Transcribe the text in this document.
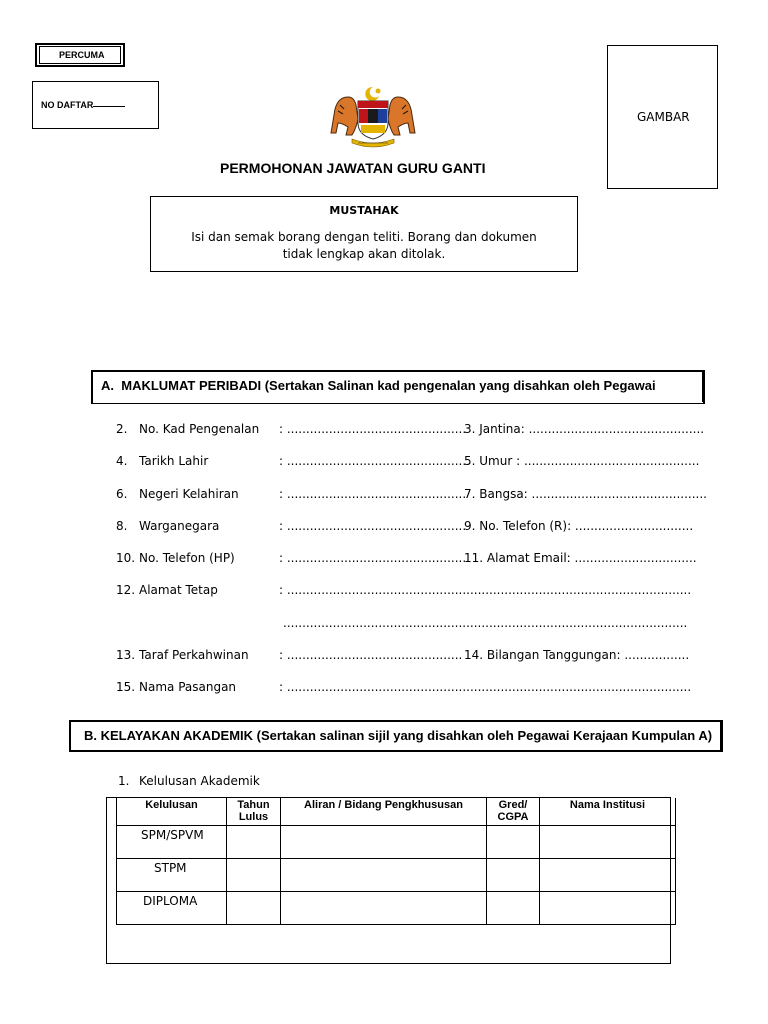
PERCUMA
NO DAFTAR
GAMBAR
PERMOHONAN JAWATAN GURU GANTI
MUSTAHAK
Isi dan semak borang dengan teliti. Borang dan dokumen
tidak lengkap akan ditolak.
A. MAKLUMAT PERIBADI (Sertakan Salinan kad pengenalan yang disahkan oleh Pegawai
2. No. Kad Pengenalan : ...............................................
3. Jantina: ..............................................
4. Tarikh Lahir	: ...............................................
5. Umur : ..............................................
6. Negeri Kelahiran	: ...............................................
7. Bangsa: ..............................................
8. Warganegara	: ...............................................
9. No. Telefon (R): ...............................
10. No. Telefon (HP)	: ...............................................
11. Alamat Email: ................................
12. Alamat Tetap	: ..........................................................................................................
..........................................................................................................
13. Taraf Perkahwinan	: .............................................. 14. Bilangan Tanggungan: .................
15. Nama Pasangan	: ..........................................................................................................
B. KELAYAKAN AKADEMIK (Sertakan salinan sijil yang disahkan oleh Pegawai Kerajaan Kumpulan A)
1. Kelulusan Akademik
Kelulusan	Tahun Lulus	Aliran / Bidang Pengkhususan	Gred/ CGPA	Nama Institusi
SPM/SPVM				
STPM				
DIPLOMA				
